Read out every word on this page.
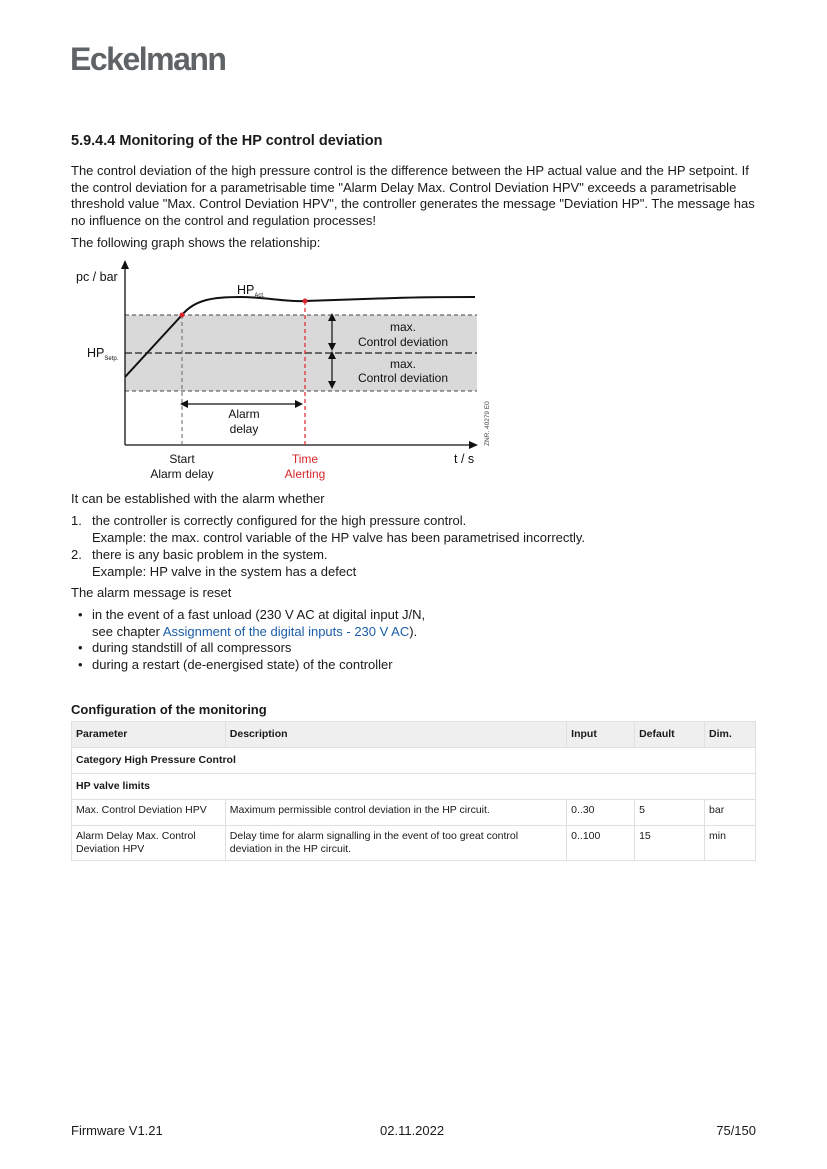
Eckelmann
5.9.4.4 Monitoring of the HP control deviation
The control deviation of the high pressure control is the difference between the HP actual value and the HP setpoint. If the control deviation for a parametrisable time "Alarm Delay Max. Control Deviation HPV" exceeds a parametrisable threshold value "Max. Control Deviation HPV", the controller generates the message "Deviation HP". The message has no influence on the control and regulation processes!
The following graph shows the relationship:
pc / bar
t / s
$HP_{Act.}$
$HP_{Setp.}$
max.
Control deviation
max.
Control deviation
Alarm
delay
Start
Alarm delay
Time
Alerting
ZNR. 40279 E0
It can be established with the alarm whether
1. the controller is correctly configured for the high pressure control.
Example: the max. control variable of the HP valve has been parametrised incorrectly.
2. there is any basic problem in the system.
Example: HP valve in the system has a defect
The alarm message is reset
• in the event of a fast unload (230 V AC at digital input J/N,
see chapter Assignment of the digital inputs - 230 V AC).
• during standstill of all compressors
• during a restart (de-energised state) of the controller
Configuration of the monitoring
Parameter	Description	Input	Default	Dim.
Category High Pressure Control				
HP valve limits				
Max. Control Deviation HPV	Maximum permissible control deviation in the HP circuit.	0..30	5	bar
Alarm Delay Max. Control Deviation HPV	Delay time for alarm signalling in the event of too great control deviation in the HP circuit.	0..100	15	min
Firmware V1.21	02.11.2022	75/150
